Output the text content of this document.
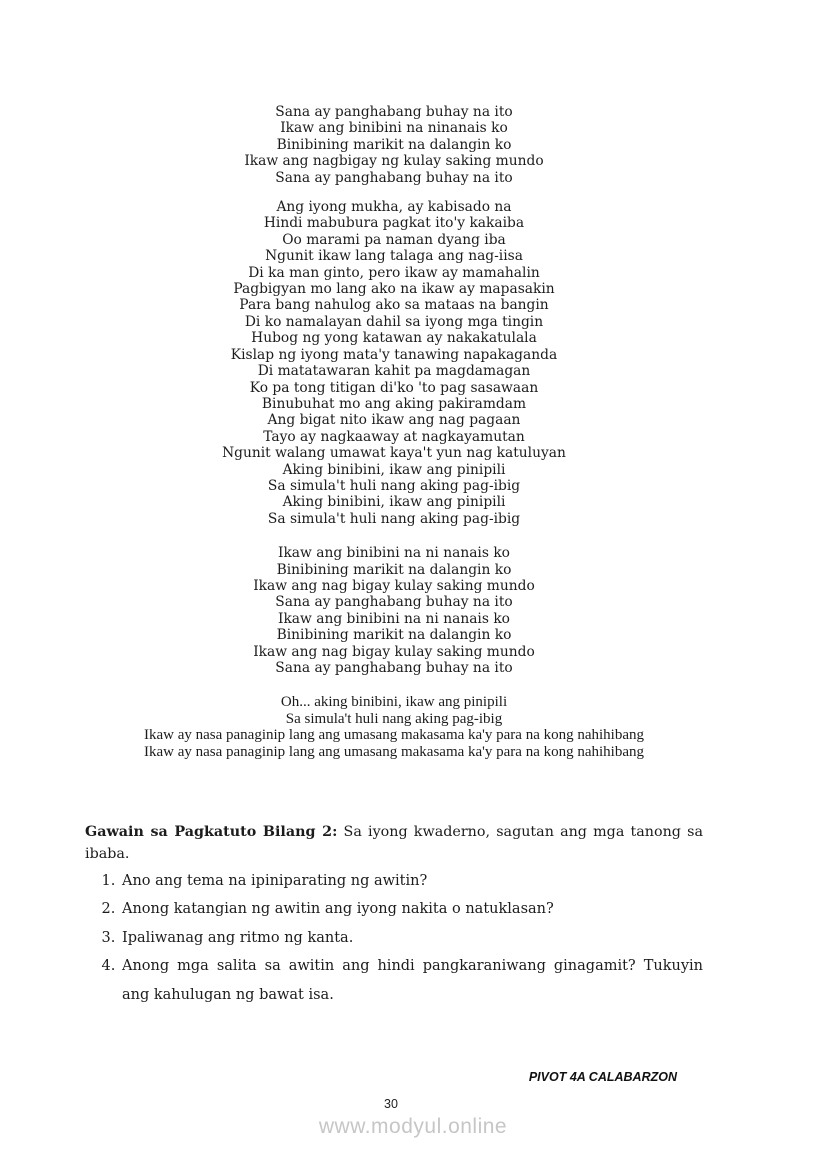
Sana ay panghabang buhay na ito
Ikaw ang binibini na ninanais ko
Binibining marikit na dalangin ko
Ikaw ang nagbigay ng kulay saking mundo
Sana ay panghabang buhay na ito
Ang iyong mukha, ay kabisado na
Hindi mabubura pagkat ito'y kakaiba
Oo marami pa naman dyang iba
Ngunit ikaw lang talaga ang nag-iisa
Di ka man ginto, pero ikaw ay mamahalin
Pagbigyan mo lang ako na ikaw ay mapasakin
Para bang nahulog ako sa mataas na bangin
Di ko namalayan dahil sa iyong mga tingin
Hubog ng yong katawan ay nakakatulala
Kislap ng iyong mata'y tanawing napakaganda
Di matatawaran kahit pa magdamagan
Ko pa tong titigan di'ko 'to pag sasawaan
Binubuhat mo ang aking pakiramdam
Ang bigat nito ikaw ang nag pagaan
Tayo ay nagkaaway at nagkayamutan
Ngunit walang umawat kaya't yun nag katuluyan
Aking binibini, ikaw ang pinipili
Sa simula't huli nang aking pag-ibig
Aking binibini, ikaw ang pinipili
Sa simula't huli nang aking pag-ibig
Ikaw ang binibini na ni nanais ko
Binibining marikit na dalangin ko
Ikaw ang nag bigay kulay saking mundo
Sana ay panghabang buhay na ito
Ikaw ang binibini na ni nanais ko
Binibining marikit na dalangin ko
Ikaw ang nag bigay kulay saking mundo
Sana ay panghabang buhay na ito
Oh... aking binibini, ikaw ang pinipili
Sa simula't huli nang aking pag-ibig
Ikaw ay nasa panaginip lang ang umasang makasama ka'y para na kong nahihibang
Ikaw ay nasa panaginip lang ang umasang makasama ka'y para na kong nahihibang

Gawain sa Pagkatuto Bilang 2: Sa iyong kwaderno, sagutan ang mga tanong sa ibaba.

1. Ano ang tema na ipiniparating ng awitin?
2. Anong katangian ng awitin ang iyong nakita o natuklasan?
3. Ipaliwanag ang ritmo ng kanta.
4. Anong mga salita sa awitin ang hindi pangkaraniwang ginagamit? Tukuyin ang kahulugan ng bawat isa.
PIVOT 4A CALABARZON
30
www.modyul.online
